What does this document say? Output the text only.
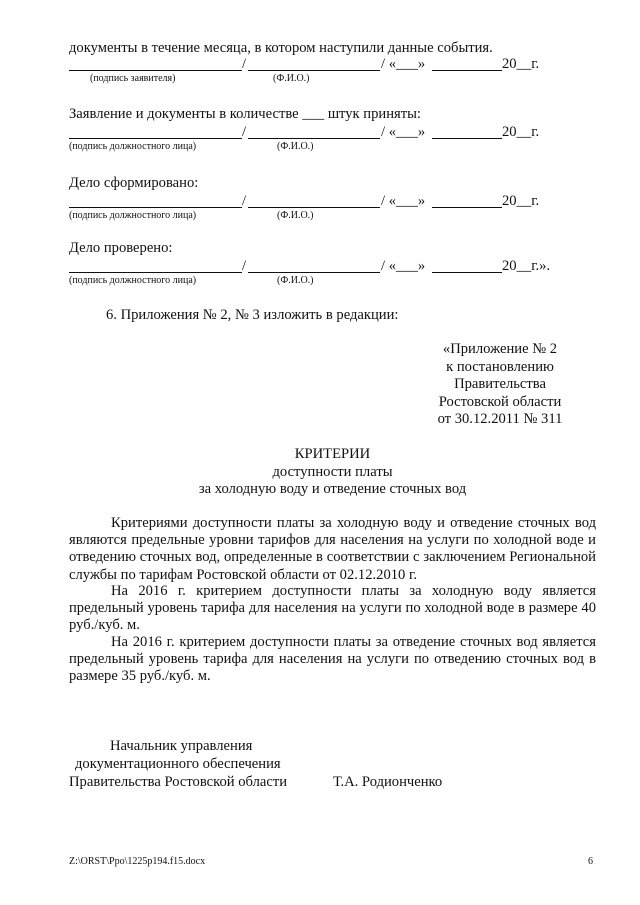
документы в течение месяца, в котором наступили данные события.
/	/ «___»	20__г.
(подпись заявителя)	(Ф.И.О.)
Заявление и документы в количестве ___ штук приняты:
/	/ «___»	20__г.
(подпись должностного лица)	(Ф.И.О.)
Дело сформировано:
/	/ «___»	20__г.
(подпись должностного лица)	(Ф.И.О.)
Дело проверено:
/	/ «___»	20__г.».
(подпись должностного лица)	(Ф.И.О.)
6. Приложения № 2, № 3 изложить в редакции:
«Приложение № 2
к постановлению
Правительства
Ростовской области
от 30.12.2011 № 311
КРИТЕРИИ
доступности платы
за холодную воду и отведение сточных вод
Критериями доступности платы за холодную воду и отведение сточных вод являются предельные уровни тарифов для населения на услуги по холодной воде и отведению сточных вод, определенные в соответствии с заключением Региональной службы по тарифам Ростовской области от 02.12.2010 г.
На 2016 г. критерием доступности платы за холодную воду является предельный уровень тарифа для населения на услуги по холодной воде в размере 40 руб./куб. м.
На 2016 г. критерием доступности платы за отведение сточных вод является предельный уровень тарифа для населения на услуги по отведению сточных вод в размере 35 руб./куб. м.
Начальник управления
документационного обеспечения
Правительства Ростовской области	Т.А. Родионченко
Z:\ORST\Ppo\1225p194.f15.docx	6
